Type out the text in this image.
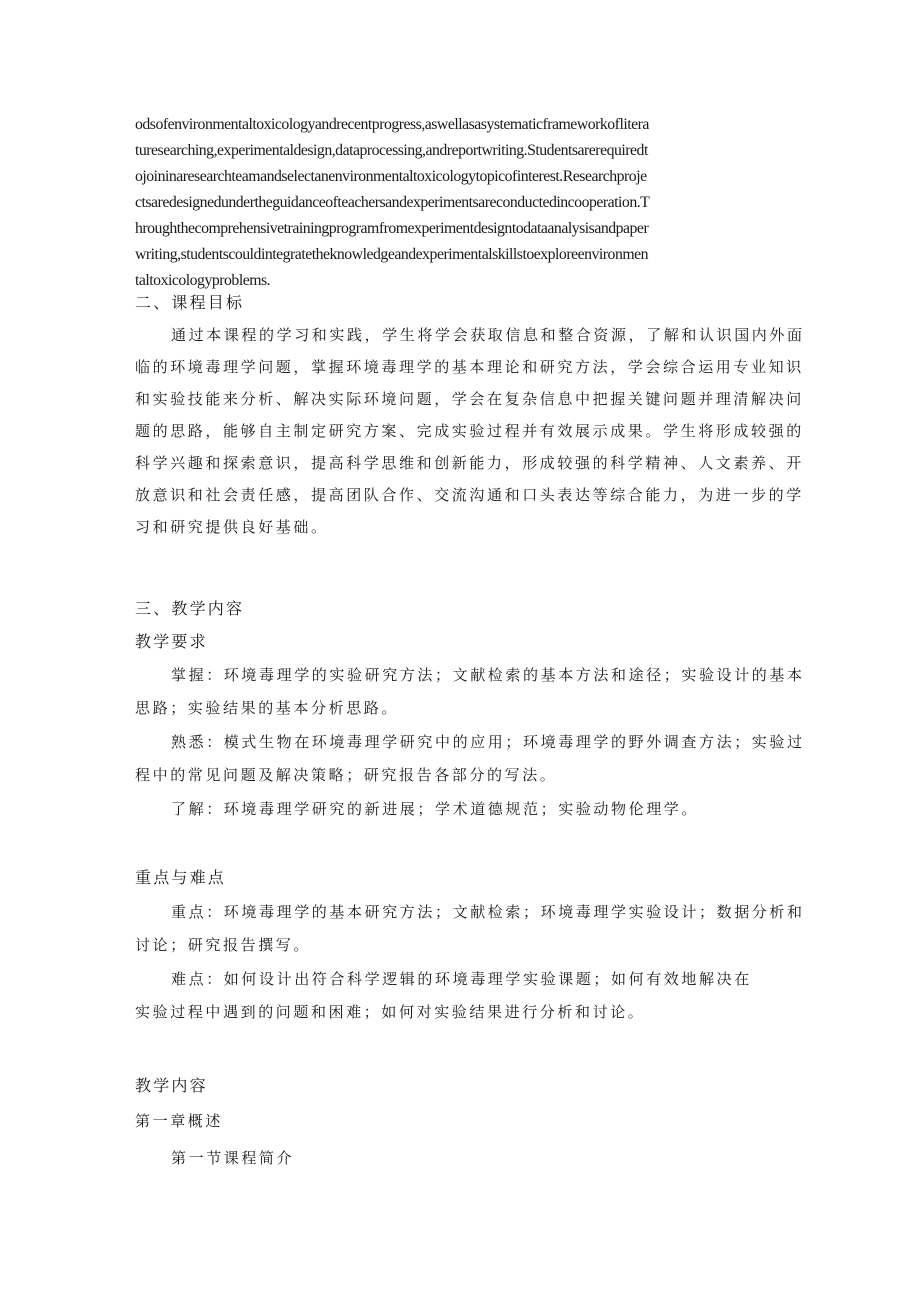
odsofenvironmentaltoxicologyandrecentprogress,aswellasasystematicframeworkoflitera
turesearching,experimentaldesign,dataprocessing,andreportwriting.Studentsarerequiredt
ojoininaresearchteamandselectanenvironmentaltoxicologytopicofinterest.Researchproje
ctsaredesignedundertheguidanceofteachersandexperimentsareconductedincooperation.T
hroughthecomprehensivetrainingprogramfromexperimentdesigntodataanalysisandpaper
writing,studentscouldintegratetheknowledgeandexperimentalskillstoexploreenvironmen
taltoxicologyproblems.
二、课程目标
通过本课程的学习和实践，学生将学会获取信息和整合资源，了解和认识国内外面
临的环境毒理学问题，掌握环境毒理学的基本理论和研究方法，学会综合运用专业知识
和实验技能来分析、解决实际环境问题，学会在复杂信息中把握关键问题并理清解决问
题的思路，能够自主制定研究方案、完成实验过程并有效展示成果。学生将形成较强的
科学兴趣和探索意识，提高科学思维和创新能力，形成较强的科学精神、人文素养、开
放意识和社会责任感，提高团队合作、交流沟通和口头表达等综合能力，为进一步的学
习和研究提供良好基础。
三、教学内容
教学要求
掌握：环境毒理学的实验研究方法；文献检索的基本方法和途径；实验设计的基本
思路；实验结果的基本分析思路。
熟悉：模式生物在环境毒理学研究中的应用；环境毒理学的野外调查方法；实验过
程中的常见问题及解决策略；研究报告各部分的写法。
了解：环境毒理学研究的新进展；学术道德规范；实验动物伦理学。
重点与难点
重点：环境毒理学的基本研究方法；文献检索；环境毒理学实验设计；数据分析和
讨论；研究报告撰写。
难点：如何设计出符合科学逻辑的环境毒理学实验课题；如何有效地解决在
实验过程中遇到的问题和困难；如何对实验结果进行分析和讨论。
教学内容
第一章概述
第一节课程简介
